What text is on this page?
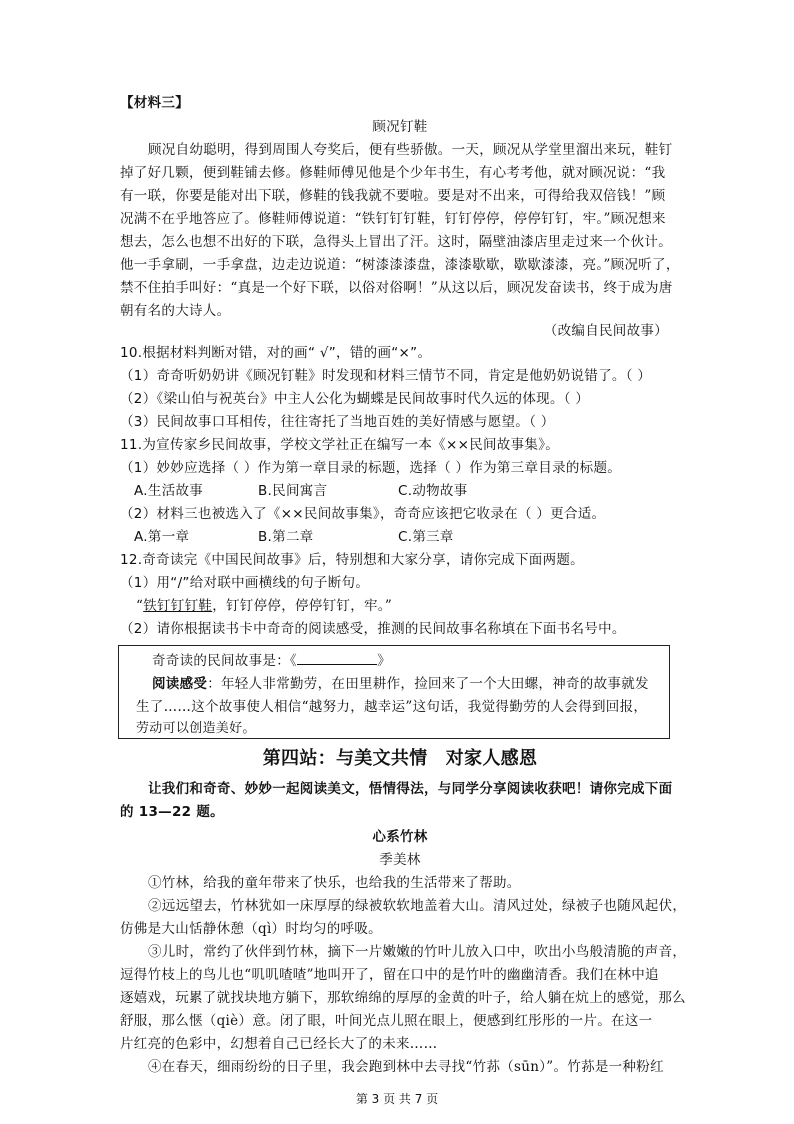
【材料三】
顾况钉鞋
顾况自幼聪明，得到周围人夸奖后，便有些骄傲。一天，顾况从学堂里溜出来玩，鞋钉
掉了好几颗，便到鞋铺去修。修鞋师傅见他是个少年书生，有心考考他，就对顾况说：“我
有一联，你要是能对出下联，修鞋的钱我就不要啦。要是对不出来，可得给我双倍钱！”顾
况满不在乎地答应了。修鞋师傅说道：“铁钉钉钉鞋，钉钉停停，停停钉钉，牢。”顾况想来
想去，怎么也想不出好的下联，急得头上冒出了汗。这时，隔壁油漆店里走过来一个伙计。
他一手拿刷，一手拿盘，边走边说道：“树漆漆漆盘，漆漆歇歇，歇歇漆漆，亮。”顾况听了，
禁不住拍手叫好：“真是一个好下联，以俗对俗啊！”从这以后，顾况发奋读书，终于成为唐
朝有名的大诗人。
（改编自民间故事）
10.根据材料判断对错，对的画“ √”，错的画“×”。
（1）奇奇听奶奶讲《顾况钉鞋》时发现和材料三情节不同，肯定是他奶奶说错了。（ ）
（2）《梁山伯与祝英台》中主人公化为蝴蝶是民间故事时代久远的体现。（ ）
（3）民间故事口耳相传，往往寄托了当地百姓的美好情感与愿望。（ ）
11.为宣传家乡民间故事，学校文学社正在编写一本《××民间故事集》。
（1）妙妙应选择（ ）作为第一章目录的标题，选择（ ）作为第三章目录的标题。
A.生活故事	B.民间寓言	C.动物故事
（2）材料三也被选入了《××民间故事集》，奇奇应该把它收录在（ ）更合适。
A.第一章	B.第二章	C.第三章
12.奇奇读完《中国民间故事》后，特别想和大家分享，请你完成下面两题。
（1）用“/”给对联中画横线的句子断句。
“铁钉钉钉鞋，钉钉停停，停停钉钉，牢。”
（2）请你根据读书卡中奇奇的阅读感受，推测的民间故事名称填在下面书名号中。
奇奇读的民间故事是：《	》
阅读感受：年轻人非常勤劳，在田里耕作，捡回来了一个大田螺，神奇的故事就发
生了……这个故事使人相信“越努力，越幸运”这句话，我觉得勤劳的人会得到回报，
劳动可以创造美好。
第四站：与美文共情　对家人感恩
让我们和奇奇、妙妙一起阅读美文，悟情得法，与同学分享阅读收获吧！请你完成下面
的 13—22 题。
心系竹林
季美林
①竹林，给我的童年带来了快乐，也给我的生活带来了帮助。
②远远望去，竹林犹如一床厚厚的绿被软软地盖着大山。清风过处，绿被子也随风起伏，
仿佛是大山恬静休憩（qì）时均匀的呼吸。
③儿时，常约了伙伴到竹林，摘下一片嫩嫩的竹叶儿放入口中，吹出小鸟般清脆的声音，
逗得竹枝上的鸟儿也“叽叽喳喳”地叫开了，留在口中的是竹叶的幽幽清香。我们在林中追
逐嬉戏，玩累了就找块地方躺下，那软绵绵的厚厚的金黄的叶子，给人躺在炕上的感觉，那么
舒服，那么惬（qiè）意。闭了眼，叶间光点儿照在眼上，便感到红彤彤的一片。在这一
片红亮的色彩中，幻想着自己已经长大了的未来……
④在春天，细雨纷纷的日子里，我会跑到林中去寻找“竹荪（sūn）”。竹荪是一种粉红
第 3 页 共 7 页
